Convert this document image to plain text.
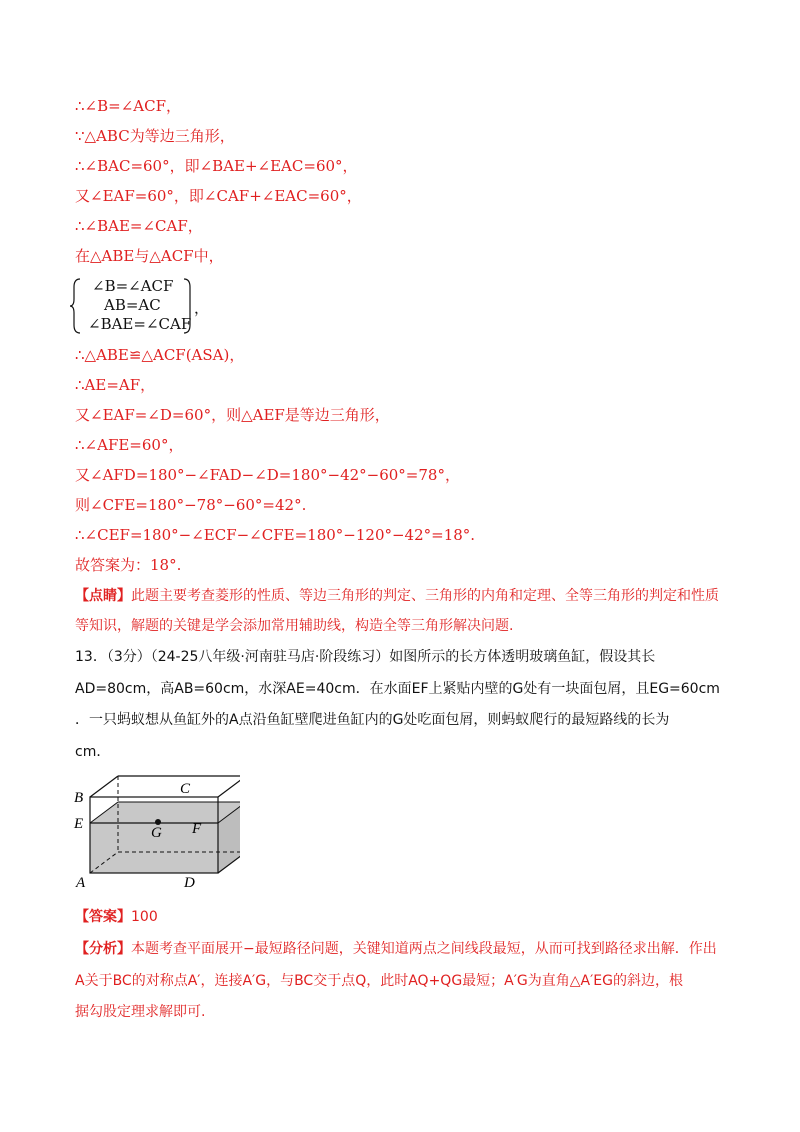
∴∠B=∠ACF，
∵△ABC为等边三角形，
∴∠BAC=60°，即∠BAE+∠EAC=60°，
又∠EAF=60°，即∠CAF+∠EAC=60°，
∴∠BAE=∠CAF，
在△ABE与△ACF中，
∠B=∠ACF
AB=AC
∠BAE=∠CAF
，
∴△ABE≌△ACF(ASA)，
∴AE=AF，
又∠EAF=∠D=60°，则△AEF是等边三角形，
∴∠AFE=60°，
又∠AFD=180°−∠FAD−∠D=180°−42°−60°=78°，
则∠CFE=180°−78°−60°=42°.
∴∠CEF=180°−∠ECF−∠CFE=180°−120°−42°=18°.
故答案为：18°.
【点睛】此题主要考查菱形的性质、等边三角形的判定、三角形的内角和定理、全等三角形的判定和性质
等知识，解题的关键是学会添加常用辅助线，构造全等三角形解决问题.
13．（3分）（24-25八年级·河南驻马店·阶段练习）如图所示的长方体透明玻璃鱼缸，假设其长
AD=80cm，高AB=60cm，水深AE=40cm．在水面EF上紧贴内壁的G处有一块面包屑，且EG=60cm
．一只蚂蚁想从鱼缸外的A点沿鱼缸壁爬进鱼缸内的G处吃面包屑，则蚂蚁爬行的最短路线的长为
cm．
B
C
E
G F
A	D
【答案】100
【分析】本题考查平面展开−最短路径问题，关键知道两点之间线段最短，从而可找到路径求出解．作出
A关于BC的对称点A′，连接A′G，与BC交于点Q，此时AQ+QG最短；A′G为直角△A′EG的斜边，根
据勾股定理求解即可.
